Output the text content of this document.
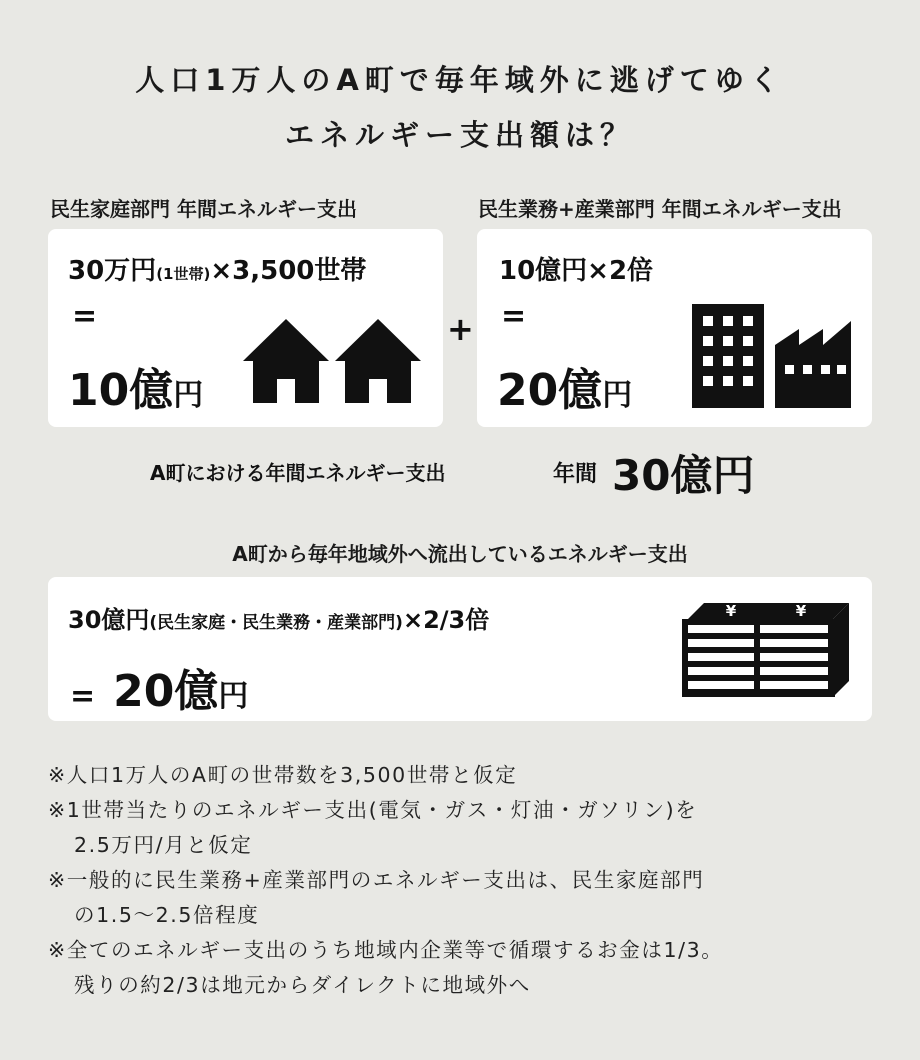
人口1万人のA町で毎年域外に逃げてゆく
エネルギー支出額は？
民生家庭部門 年間エネルギー支出
30万円(1世帯)×3,500世帯
=
10億円
+
民生業務+産業部門 年間エネルギー支出
10億円×2倍
=
20億円
A町における年間エネルギー支出	年間 30億円
A町から毎年地域外へ流出しているエネルギー支出
30億円(民生家庭・民生業務・産業部門)×2/3倍
= 20億円
¥	¥
※人口1万人のA町の世帯数を3,500世帯と仮定
※1世帯当たりのエネルギー支出(電気・ガス・灯油・ガソリン)を
2.5万円/月と仮定
※一般的に民生業務+産業部門のエネルギー支出は、民生家庭部門
の1.5〜2.5倍程度
※全てのエネルギー支出のうち地域内企業等で循環するお金は1/3。
残りの約2/3は地元からダイレクトに地域外へ
